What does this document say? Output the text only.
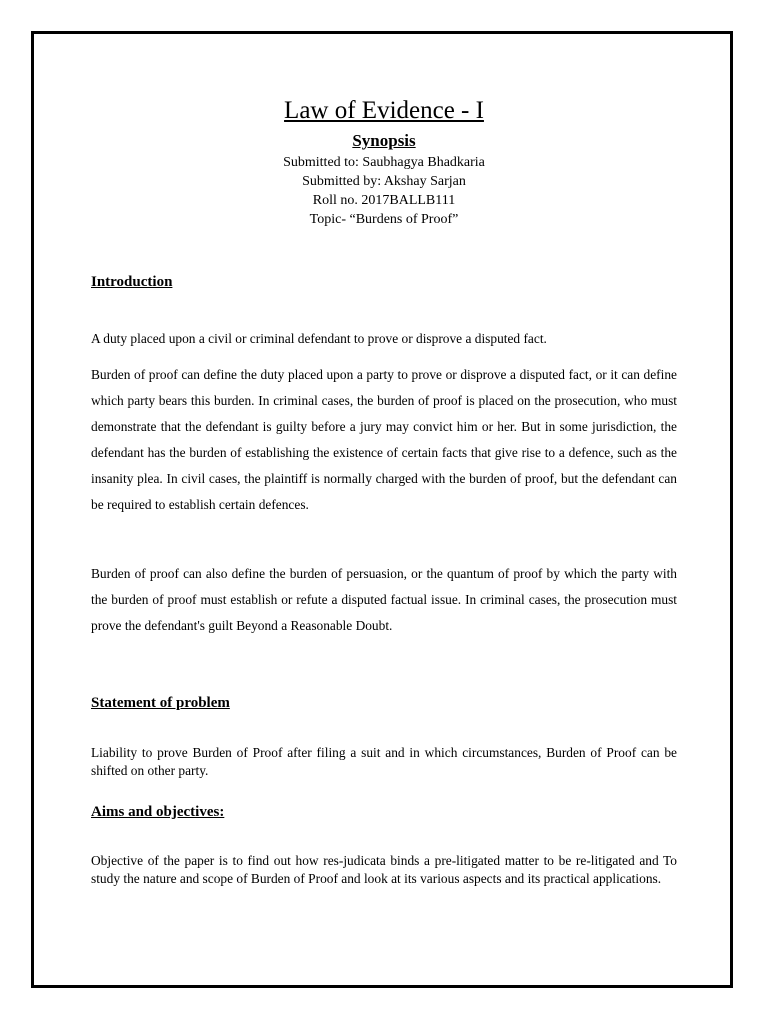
Law of Evidence - I
Synopsis
Submitted to: Saubhagya Bhadkaria
Submitted by: Akshay Sarjan
Roll no. 2017BALLB111
Topic- “Burdens of Proof”
Introduction

A duty placed upon a civil or criminal defendant to prove or disprove a disputed fact.

Burden of proof can define the duty placed upon a party to prove or disprove a disputed fact, or it can define which party bears this burden. In criminal cases, the burden of proof is placed on the prosecution, who must demonstrate that the defendant is guilty before a jury may convict him or her. But in some jurisdiction, the defendant has the burden of establishing the existence of certain facts that give rise to a defence, such as the insanity plea. In civil cases, the plaintiff is normally charged with the burden of proof, but the defendant can be required to establish certain defences.

Burden of proof can also define the burden of persuasion, or the quantum of proof by which the party with the burden of proof must establish or refute a disputed factual issue. In criminal cases, the prosecution must prove the defendant's guilt Beyond a Reasonable Doubt.

Statement of problem

Liability to prove Burden of Proof after filing a suit and in which circumstances, Burden of Proof can be shifted on other party.

Aims and objectives:

Objective of the paper is to find out how res-judicata binds a pre-litigated matter to be re-litigated and To study the nature and scope of Burden of Proof and look at its various aspects and its practical applications.
